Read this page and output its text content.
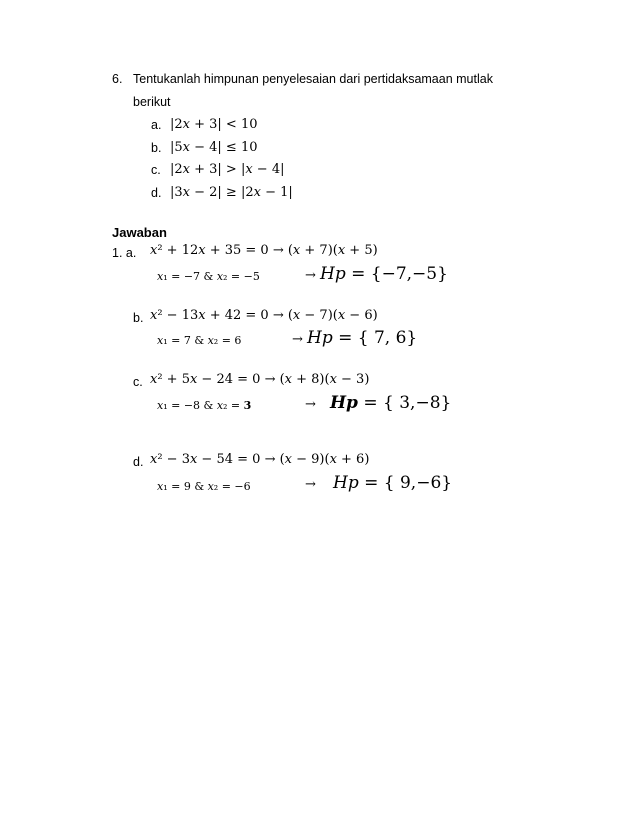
6. Tentukanlah himpunan penyelesaian dari pertidaksamaan mutlak
berikut
a. |2𝑥 + 3| < 10
b. |5𝑥 − 4| ≤ 10
c. |2𝑥 + 3| > |𝑥 − 4|
d. |3𝑥 − 2| ≥ |2𝑥 − 1|
Jawaban
1. a. 𝑥² + 12𝑥 + 35 = 0 → (𝑥 + 7)(𝑥 + 5)
𝑥₁ = −7 & 𝑥₂ = −5	→ 𝐻𝑝 = {−7,−5}
b. 𝑥² − 13𝑥 + 42 = 0 → (𝑥 − 7)(𝑥 − 6)
𝑥₁ = 7 & 𝑥₂ = 6	→ 𝐻𝑝 = { 7, 6}
c. 𝑥² + 5𝑥 − 24 = 0 → (𝑥 + 8)(𝑥 − 3)
𝑥₁ = −8 & 𝑥₂ = 3	→ 𝑯𝒑 = { 3,−8}
d. 𝑥² − 3𝑥 − 54 = 0 → (𝑥 − 9)(𝑥 + 6)
𝑥₁ = 9 & 𝑥₂ = −6	→ 𝐻𝑝 = { 9,−6}
